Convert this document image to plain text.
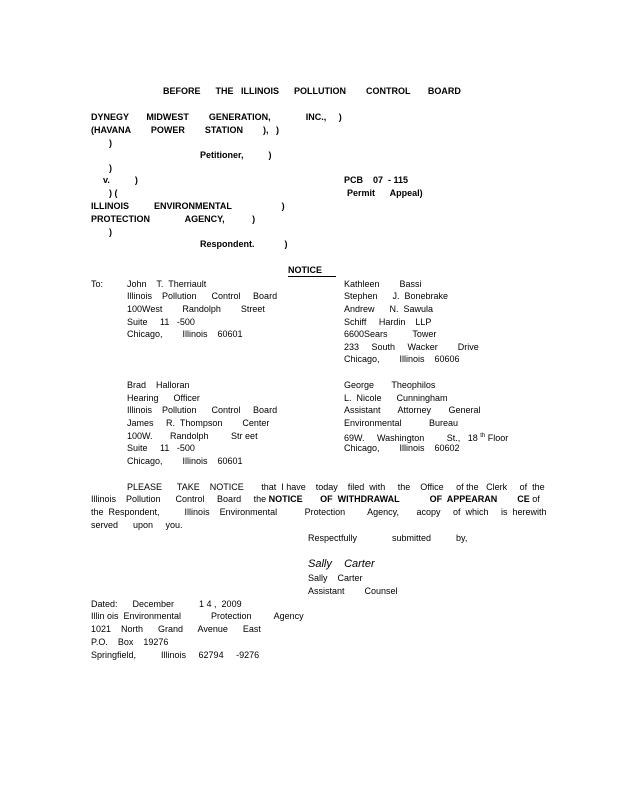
BEFORE      THE   ILLINOIS      POLLUTION        CONTROL       BOARD
DYNEGY       MIDWEST        GENERATION,              INC.,     )
(HAVANA        POWER        STATION        ),   )
)
Petitioner,          )
)
v.          )	PCB    07  - 115
) (	Permit      Appeal)
ILLINOIS          ENVIRONMENTAL                    )
PROTECTION              AGENCY,           )
)
Respondent.            )
NOTICE
To:	John    T.  Therriault
Illinois    Pollution      Control     Board
100West        Randolph        Street
Suite     11   -500
Chicago,        Illinois    60601
Kathleen        Bassi
Stephen      J.  Bonebrake
Andrew      N.  Sawula
Schiff     Hardin    LLP
6600Sears          Tower
233     South     Wacker        Drive
Chicago,        Illinois    60606
Brad    Halloran
Hearing      Officer
Illinois    Pollution      Control     Board
James     R.  Thompson        Center
100W.       Randolph         Str eet
Suite     11   -500
Chicago,        Illinois    60601
George       Theophilos
L.  Nicole      Cunningham
Assistant       Attorney       General
Environmental           Bureau
69W.     Washington         St.,   18 $^{th}$ Floor
Chicago,        Illinois    60602
PLEASE      TAKE    NOTICE       that  I have    today    filed  with     the    Office     of the   Clerk     of  the
Illinois    Pollution      Control     Board     the NOTICE       OF  WITHDRAWAL	OF  APPEARAN        CE of
the  Respondent,          Illinois    Environmental           Protection         Agency,       acopy     of  which     is  herewith
served      upon     you.
Respectfully              submitted          by,
Sally    Carter
Sally    Carter
Assistant        Counsel
Dated:      December          1 4 ,  2009
Illin ois  Environmental            Protection         Agency
1021    North      Grand      Avenue      East
P.O.    Box    19276
Springfield,          Illinois     62794     -9276
